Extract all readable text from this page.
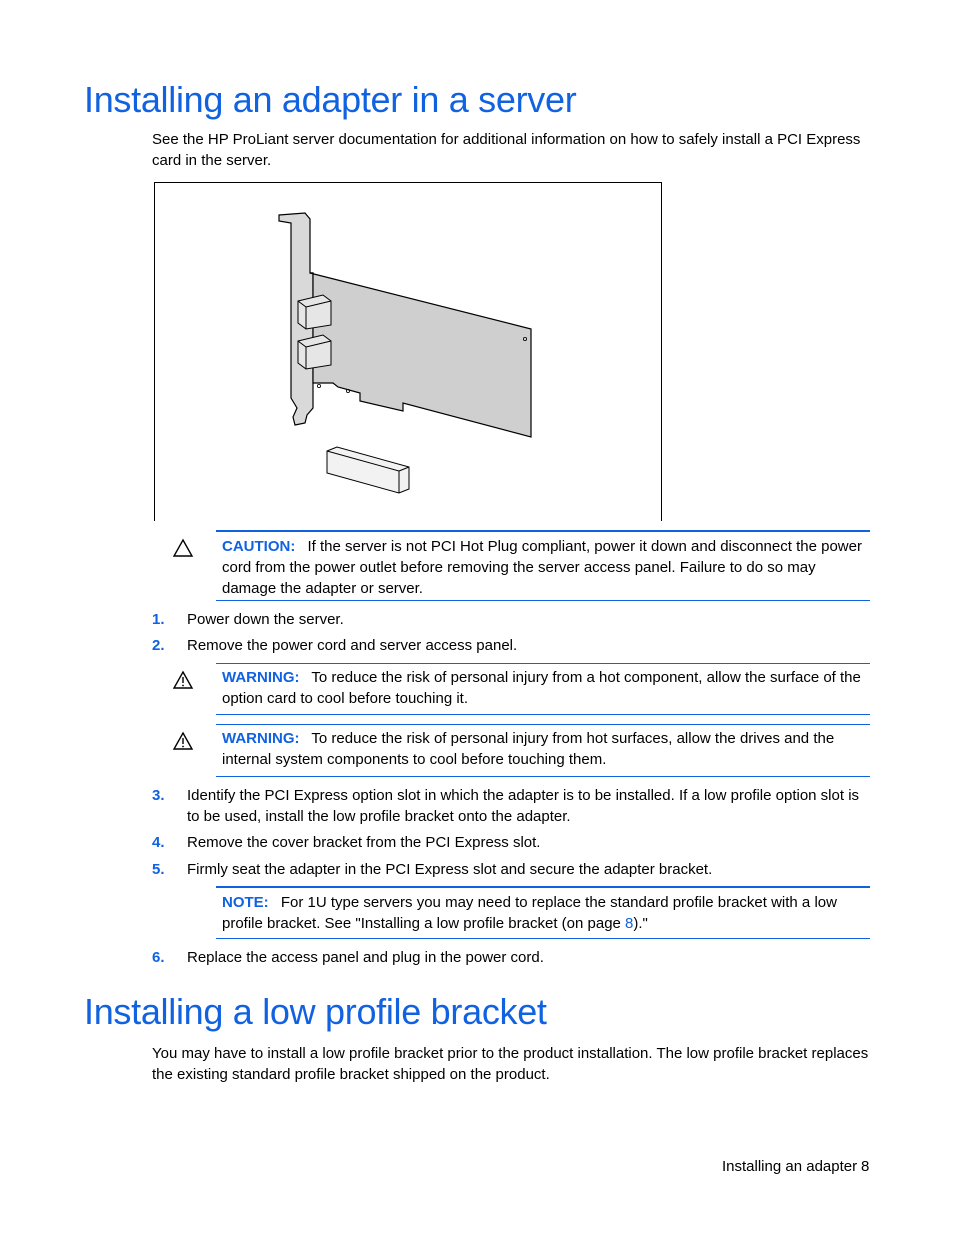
Installing an adapter in a server
See the HP ProLiant server documentation for additional information on how to safely install a PCI Express card in the server.
CAUTION: If the server is not PCI Hot Plug compliant, power it down and disconnect the power cord from the power outlet before removing the server access panel. Failure to do so may damage the adapter or server.
1. Power down the server.
2. Remove the power cord and server access panel.
WARNING: To reduce the risk of personal injury from a hot component, allow the surface of the option card to cool before touching it.
WARNING: To reduce the risk of personal injury from hot surfaces, allow the drives and the internal system components to cool before touching them.
3. Identify the PCI Express option slot in which the adapter is to be installed. If a low profile option slot is to be used, install the low profile bracket onto the adapter.
4. Remove the cover bracket from the PCI Express slot.
5. Firmly seat the adapter in the PCI Express slot and secure the adapter bracket.
NOTE: For 1U type servers you may need to replace the standard profile bracket with a low profile bracket. See "Installing a low profile bracket (on page 8)."
6. Replace the access panel and plug in the power cord.
Installing a low profile bracket
You may have to install a low profile bracket prior to the product installation. The low profile bracket replaces the existing standard profile bracket shipped on the product.
Installing an adapter 8
